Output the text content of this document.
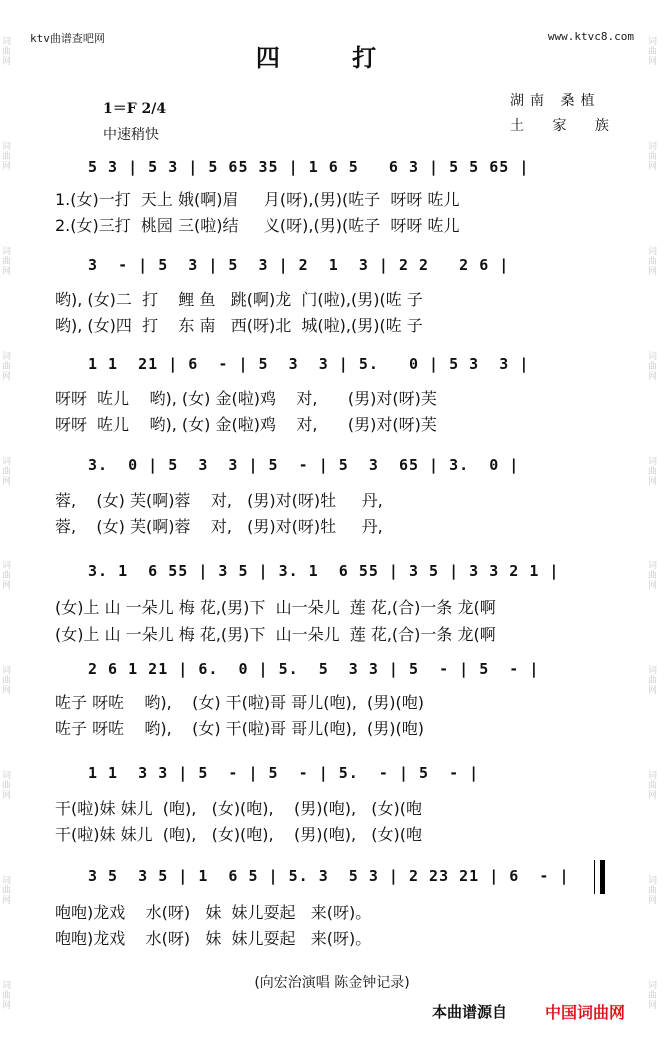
词曲网
词曲网
词曲网
词曲网
词曲网
词曲网
词曲网
词曲网
词曲网
词曲网
词曲网
词曲网
词曲网
词曲网
词曲网
词曲网
词曲网
词曲网
词曲网
词曲网
ktv曲谱查吧网	www.ktvc8.com
四 打
1＝F 2/4
中速稍快
湖南 桑植
土 家 族
5 3 | 5 3 | 5 65 35 | 1 6 5   6 3 | 5 5 65 |
1.(女)一打  天上 娥(啊)眉     月(呀),(男)(咗子  呀呀 咗儿
2.(女)三打  桃园 三(啦)结     义(呀),(男)(咗子  呀呀 咗儿
3  - | 5  3 | 5  3 | 2  1  3 | 2 2   2 6 |
哟), (女)二  打    鲤 鱼   跳(啊)龙  门(啦),(男)(咗 子
哟), (女)四  打    东 南   西(呀)北  城(啦),(男)(咗 子
1 1  21 | 6  - | 5  3  3 | 5.   0 | 5 3  3 |
呀呀  咗儿    哟), (女) 金(啦)鸡    对,      (男)对(呀)芙
呀呀  咗儿    哟), (女) 金(啦)鸡    对,      (男)对(呀)芙
3.  0 | 5  3  3 | 5  - | 5  3  65 | 3.  0 |
蓉,    (女) 芙(啊)蓉    对,   (男)对(呀)牡     丹,
蓉,    (女) 芙(啊)蓉    对,   (男)对(呀)牡     丹,
3. 1  6 55 | 3 5 | 3. 1  6 55 | 3 5 | 3 3 2 1 |
(女)上 山 一朵儿 梅 花,(男)下  山一朵儿  莲 花,(合)一条 龙(啊
(女)上 山 一朵儿 梅 花,(男)下  山一朵儿  莲 花,(合)一条 龙(啊
2 6 1 21 | 6.  0 | 5.  5  3 3 | 5  - | 5  - |
咗子 呀咗    哟),    (女) 干(啦)哥 哥儿(咆),  (男)(咆)
咗子 呀咗    哟),    (女) 干(啦)哥 哥儿(咆),  (男)(咆)
1 1  3 3 | 5  - | 5  - | 5.  - | 5  - |
干(啦)妹 妹儿  (咆),   (女)(咆),    (男)(咆),   (女)(咆
干(啦)妹 妹儿  (咆),   (女)(咆),    (男)(咆),   (女)(咆
3 5  3 5 | 1  6 5 | 5. 3  5 3 | 2 23 21 | 6  - |
咆咆)龙戏    水(呀)   妹  妹儿耍起   来(呀)。
咆咆)龙戏    水(呀)   妹  妹儿耍起   来(呀)。
(向宏治演唱 陈金钟记录)
本曲谱源自 中国词曲网
